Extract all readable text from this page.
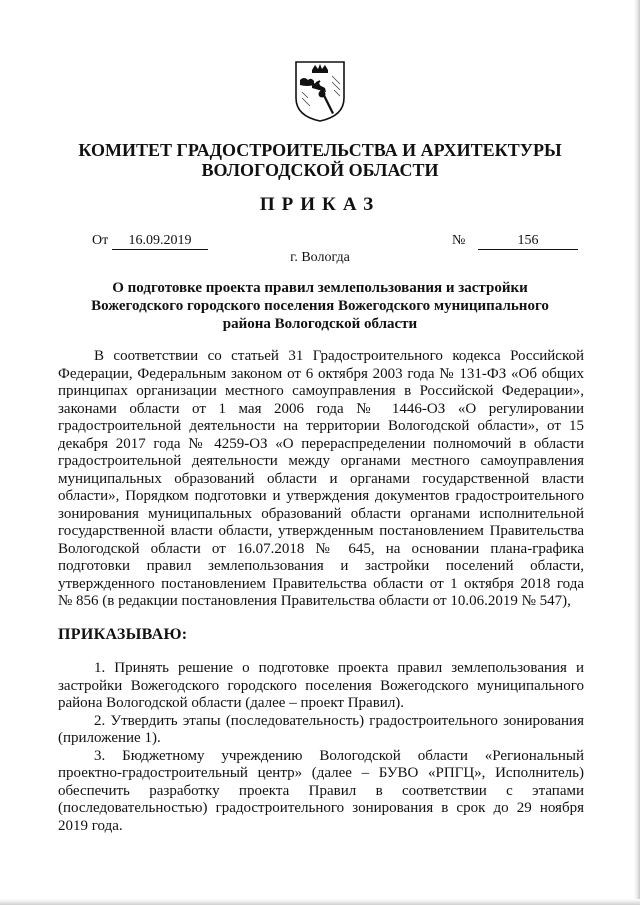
КОМИТЕТ ГРАДОСТРОИТЕЛЬСТВА И АРХИТЕКТУРЫ
ВОЛОГОДСКОЙ ОБЛАСТИ
ПРИКАЗ
От	16.09.2019	№	156
г. Вологда
О подготовке проекта правил землепользования и застройки
Вожегодского городского поселения Вожегодского муниципального
района Вологодской области
В соответствии со статьей 31 Градостроительного кодекса Российской
Федерации, Федеральным законом от 6 октября 2003 года № 131-ФЗ «Об общих
принципах организации местного самоуправления в Российской Федерации»,
законами области от 1 мая 2006 года № 1446-ОЗ «О регулировании
градостроительной деятельности на территории Вологодской области», от 15
декабря 2017 года № 4259-ОЗ «О перераспределении полномочий в области
градостроительной деятельности между органами местного самоуправления
муниципальных образований области и органами государственной власти
области», Порядком подготовки и утверждения документов градостроительного
зонирования муниципальных образований области органами исполнительной
государственной власти области, утвержденным постановлением Правительства
Вологодской области от 16.07.2018 № 645, на основании плана-графика
подготовки правил землепользования и застройки поселений области,
утвержденного постановлением Правительства области от 1 октября 2018 года
№ 856 (в редакции постановления Правительства области от 10.06.2019 № 547),
ПРИКАЗЫВАЮ:
1. Принять решение о подготовке проекта правил землепользования и
застройки Вожегодского городского поселения Вожегодского муниципального
района Вологодской области (далее – проект Правил).
2. Утвердить этапы (последовательность) градостроительного зонирования
(приложение 1).
3. Бюджетному учреждению Вологодской области «Региональный
проектно-градостроительный центр» (далее – БУВО «РПГЦ», Исполнитель)
обеспечить разработку проекта Правил в соответствии с этапами
(последовательностью) градостроительного зонирования в срок до 29 ноября
2019 года.
